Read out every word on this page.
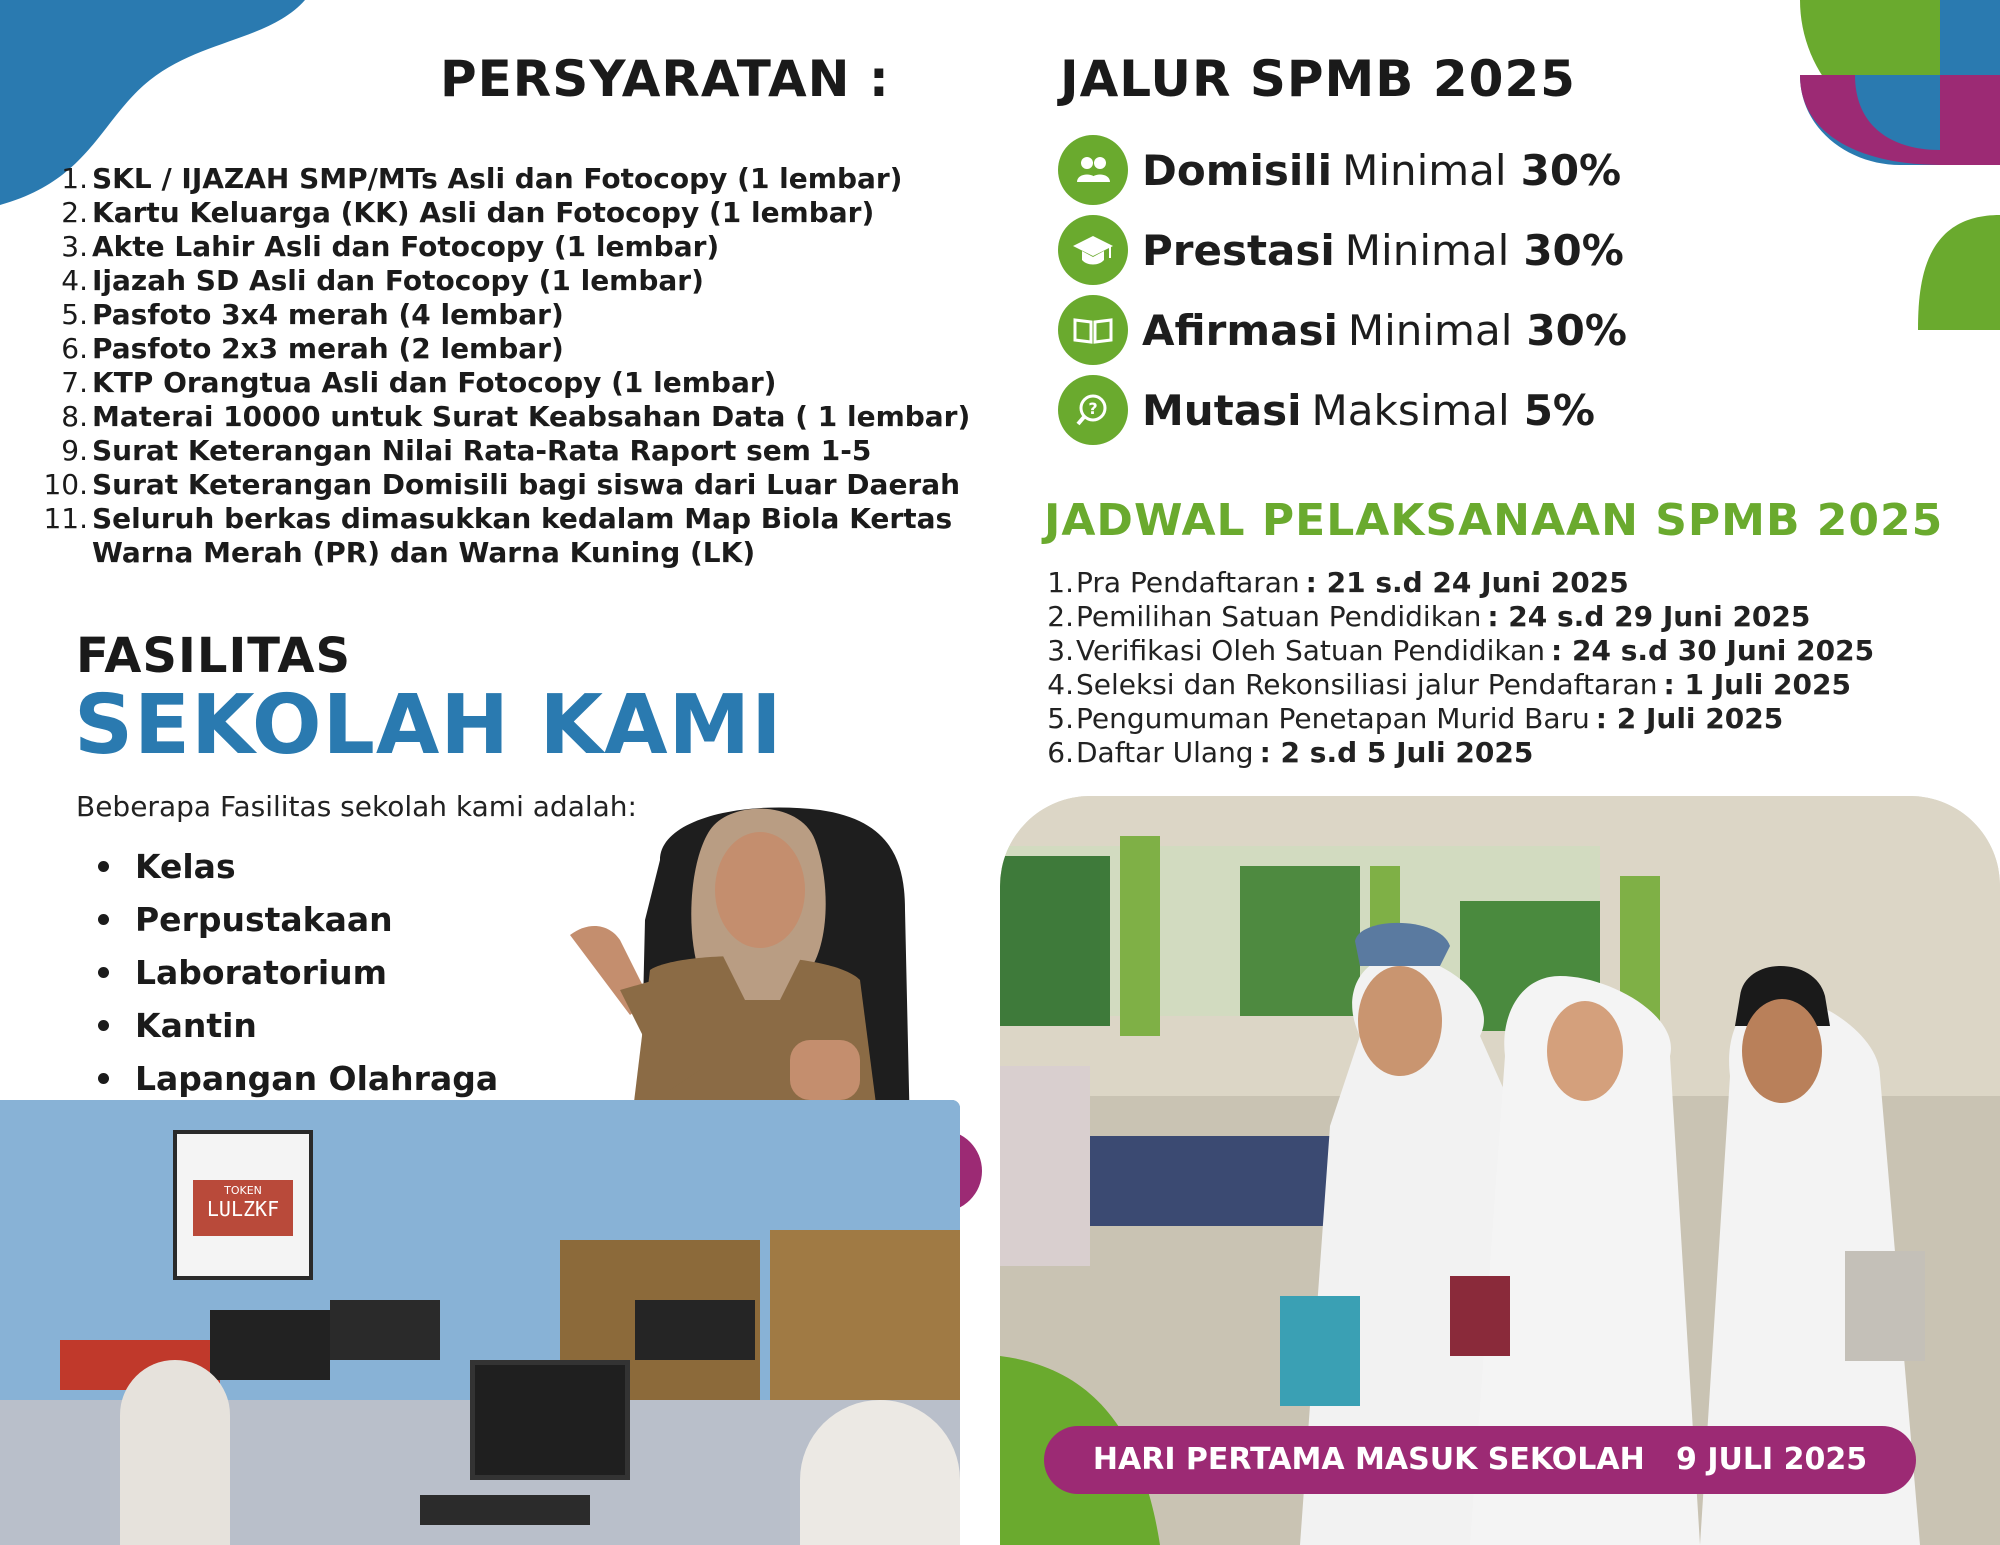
PERSYARATAN :
1. SKL / IJAZAH SMP/MTs Asli dan Fotocopy (1 lembar)
2. Kartu Keluarga (KK) Asli dan Fotocopy (1 lembar)
3. Akte Lahir Asli dan Fotocopy (1 lembar)
4. Ijazah SD Asli dan Fotocopy (1 lembar)
5. Pasfoto 3x4 merah (4 lembar)
6. Pasfoto 2x3 merah (2 lembar)
7. KTP Orangtua Asli dan Fotocopy (1 lembar)
8. Materai 10000 untuk Surat Keabsahan Data ( 1 lembar)
9. Surat Keterangan Nilai Rata-Rata Raport sem 1-5
10. Surat Keterangan Domisili bagi siswa dari Luar Daerah
11. Seluruh berkas dimasukkan kedalam Map Biola Kertas Warna Merah (PR) dan Warna Kuning (LK)
FASILITAS
SEKOLAH KAMI
Beberapa Fasilitas sekolah kami adalah:
Kelas
Perpustakaan
Laboratorium
Kantin
Lapangan Olahraga
TOKEN
LULZKF
JALUR SPMB 2025
Domisili Minimal 30%
Prestasi Minimal 30%
Afirmasi Minimal 30%
? Mutasi Maksimal 5%
JADWAL PELAKSANAAN SPMB 2025
1. Pra Pendaftaran : 21 s.d 24 Juni 2025
2. Pemilihan Satuan Pendidikan : 24 s.d 29 Juni 2025
3. Verifikasi Oleh Satuan Pendidikan : 24 s.d 30 Juni 2025
4. Seleksi dan Rekonsiliasi jalur Pendaftaran : 1 Juli 2025
5. Pengumuman Penetapan Murid Baru : 2 Juli 2025
6. Daftar Ulang : 2 s.d 5 Juli 2025
HARI PERTAMA MASUK SEKOLAH 9 JULI 2025
